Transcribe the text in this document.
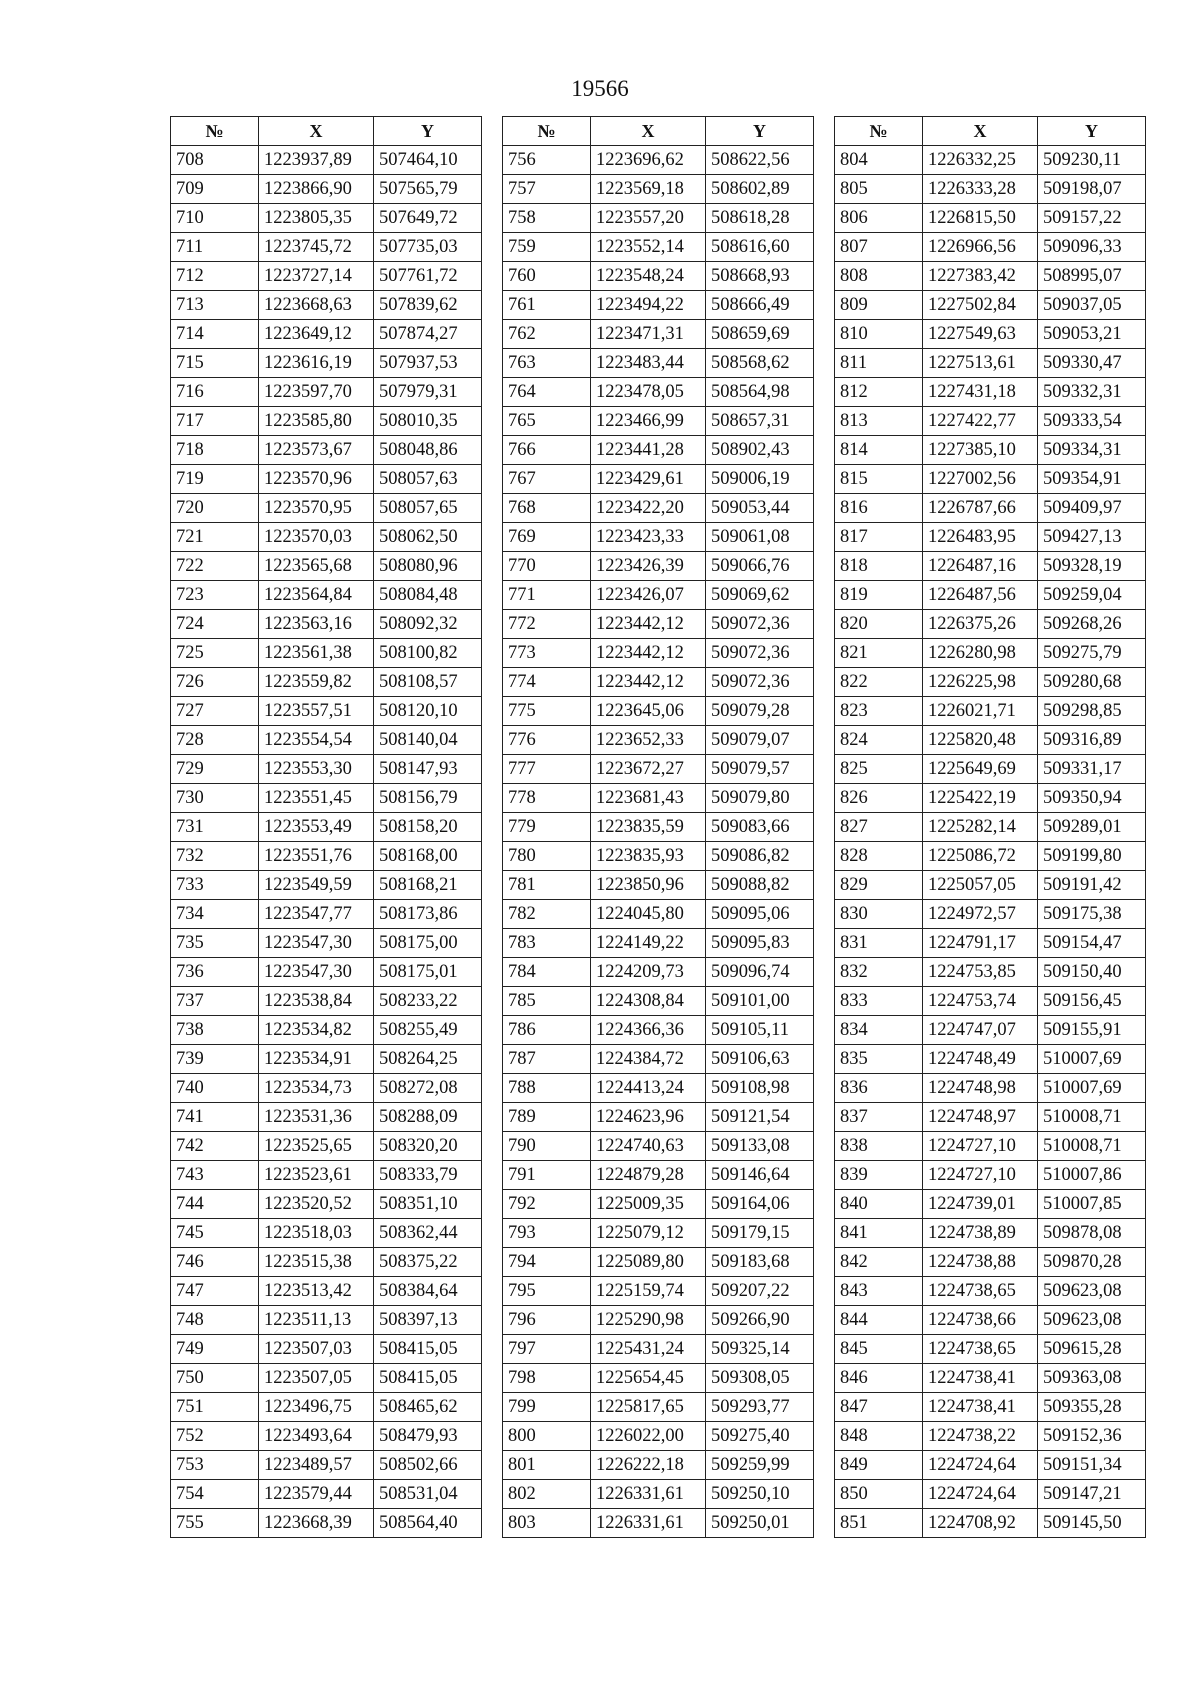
19566
№	X	Y
708	1223937,89	507464,10
709	1223866,90	507565,79
710	1223805,35	507649,72
711	1223745,72	507735,03
712	1223727,14	507761,72
713	1223668,63	507839,62
714	1223649,12	507874,27
715	1223616,19	507937,53
716	1223597,70	507979,31
717	1223585,80	508010,35
718	1223573,67	508048,86
719	1223570,96	508057,63
720	1223570,95	508057,65
721	1223570,03	508062,50
722	1223565,68	508080,96
723	1223564,84	508084,48
724	1223563,16	508092,32
725	1223561,38	508100,82
726	1223559,82	508108,57
727	1223557,51	508120,10
728	1223554,54	508140,04
729	1223553,30	508147,93
730	1223551,45	508156,79
731	1223553,49	508158,20
732	1223551,76	508168,00
733	1223549,59	508168,21
734	1223547,77	508173,86
735	1223547,30	508175,00
736	1223547,30	508175,01
737	1223538,84	508233,22
738	1223534,82	508255,49
739	1223534,91	508264,25
740	1223534,73	508272,08
741	1223531,36	508288,09
742	1223525,65	508320,20
743	1223523,61	508333,79
744	1223520,52	508351,10
745	1223518,03	508362,44
746	1223515,38	508375,22
747	1223513,42	508384,64
748	1223511,13	508397,13
749	1223507,03	508415,05
750	1223507,05	508415,05
751	1223496,75	508465,62
752	1223493,64	508479,93
753	1223489,57	508502,66
754	1223579,44	508531,04
755	1223668,39	508564,40
№	X	Y
756	1223696,62	508622,56
757	1223569,18	508602,89
758	1223557,20	508618,28
759	1223552,14	508616,60
760	1223548,24	508668,93
761	1223494,22	508666,49
762	1223471,31	508659,69
763	1223483,44	508568,62
764	1223478,05	508564,98
765	1223466,99	508657,31
766	1223441,28	508902,43
767	1223429,61	509006,19
768	1223422,20	509053,44
769	1223423,33	509061,08
770	1223426,39	509066,76
771	1223426,07	509069,62
772	1223442,12	509072,36
773	1223442,12	509072,36
774	1223442,12	509072,36
775	1223645,06	509079,28
776	1223652,33	509079,07
777	1223672,27	509079,57
778	1223681,43	509079,80
779	1223835,59	509083,66
780	1223835,93	509086,82
781	1223850,96	509088,82
782	1224045,80	509095,06
783	1224149,22	509095,83
784	1224209,73	509096,74
785	1224308,84	509101,00
786	1224366,36	509105,11
787	1224384,72	509106,63
788	1224413,24	509108,98
789	1224623,96	509121,54
790	1224740,63	509133,08
791	1224879,28	509146,64
792	1225009,35	509164,06
793	1225079,12	509179,15
794	1225089,80	509183,68
795	1225159,74	509207,22
796	1225290,98	509266,90
797	1225431,24	509325,14
798	1225654,45	509308,05
799	1225817,65	509293,77
800	1226022,00	509275,40
801	1226222,18	509259,99
802	1226331,61	509250,10
803	1226331,61	509250,01
№	X	Y
804	1226332,25	509230,11
805	1226333,28	509198,07
806	1226815,50	509157,22
807	1226966,56	509096,33
808	1227383,42	508995,07
809	1227502,84	509037,05
810	1227549,63	509053,21
811	1227513,61	509330,47
812	1227431,18	509332,31
813	1227422,77	509333,54
814	1227385,10	509334,31
815	1227002,56	509354,91
816	1226787,66	509409,97
817	1226483,95	509427,13
818	1226487,16	509328,19
819	1226487,56	509259,04
820	1226375,26	509268,26
821	1226280,98	509275,79
822	1226225,98	509280,68
823	1226021,71	509298,85
824	1225820,48	509316,89
825	1225649,69	509331,17
826	1225422,19	509350,94
827	1225282,14	509289,01
828	1225086,72	509199,80
829	1225057,05	509191,42
830	1224972,57	509175,38
831	1224791,17	509154,47
832	1224753,85	509150,40
833	1224753,74	509156,45
834	1224747,07	509155,91
835	1224748,49	510007,69
836	1224748,98	510007,69
837	1224748,97	510008,71
838	1224727,10	510008,71
839	1224727,10	510007,86
840	1224739,01	510007,85
841	1224738,89	509878,08
842	1224738,88	509870,28
843	1224738,65	509623,08
844	1224738,66	509623,08
845	1224738,65	509615,28
846	1224738,41	509363,08
847	1224738,41	509355,28
848	1224738,22	509152,36
849	1224724,64	509151,34
850	1224724,64	509147,21
851	1224708,92	509145,50
